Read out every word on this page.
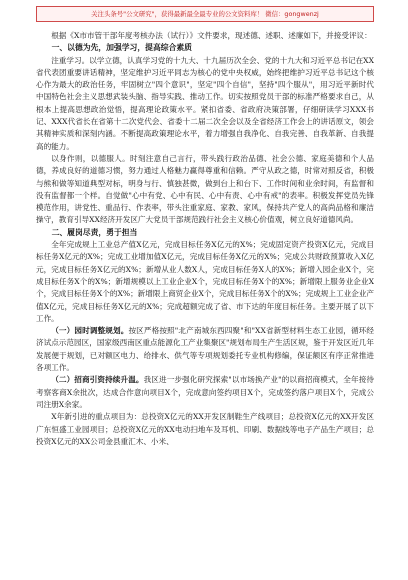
关注头条号"公文研究"，获得最新最全最专业的公文资料库！ 微信：gongwenzj

根据《X市市管干部年度考核办法（试行）》文件要求，现述德、述职、述廉如下，并接受评议：

一、以德为先，加强学习，提高综合素质

注重学习。以学立德，认真学习党的十九大、十九届历次全会、党的十九大和习近平总书记在XX省代表团重要讲话精神，坚定维护习近平同志为核心的党中央权威，始终把维护习近平总书记这个核心作为最大的政治任务，牢固树立"四个意识"，坚定"四个自信"，坚持"四个服从"，用习近平新时代中国特色社会主义思想武装头脑、指导实践、推动工作。切实按照党员干部的标准严格要求自己，从根本上提高思想政治觉悟，提高理论政策水平。紧扣省委、省政府决策部署，仔细研读学习XXX书记、XXX代省长在省第十二次党代会、省委十二届二次全会以及全省经济工作会上的讲话原文，领会其精神实质和深刻内涵。不断提高政策理论水平，着力增强自我净化、自我完善、自我革新、自我提高的能力。

以身作则，以德服人。时刻注意自己言行，带头践行政治品德、社会公德、家庭美德和个人品德，养成良好的道德习惯，努力通过人格魅力赢得尊重和信赖。严守从政之德，时常对照反省，积极与熊和做等知道典型对标，明身与行、慎独甚微，做到台上和台下、工作时间和业余时间，有监督和没有监督都一个样。自觉做"心中有党、心中有民、心中有责、心中有戒"的表率。积极发挥党员先锋模范作用，讲党性、重品行、作表率，带头注重家庭、家教、家风，保持共产党人的高尚品格和廉洁操守，教育引导XX经济开发区广大党员干部规范践行社会主义核心价值观，树立良好道德风尚。

二、履岗尽责，勇于担当

全年完成规上工业总产值X亿元，完成目标任务X亿元的X%；完成固定资产投资X亿元，完成目标任务X亿元的X%；完成工业增加值X亿元，完成目标任务X亿元的X%；完成公共财政预算收入X亿元，完成目标任务X亿元的X%；新增从业人数X人，完成目标任务X人的X%；新增入园企业X个，完成目标任务X个的X%；新增规模以上工业企业X个，完成目标任务X个的X%；新增限上服务业企业X个，完成目标任务X个的X%；新增限上商贸企业X个，完成目标任务X个的X%；完成规上工业企业产值X亿元，完成目标任务X亿元的X%；完成超额完成了省、市下达的年度目标任务。主要开展了以下工作。

（一）园时调整规划。按区严格按照"北产南城东西四聚"和"XX省新型材料生态工业园，循环经济试点示范园区，国家级西南区重点能源化工产业集聚区"规划布局生产生活区规，鉴于开发区近几年发展便于规划，已对额区电力、给排水、供气等专项规划委托专业机构修编，保证额区有序正常推进各项工作。

（二）招商引资持续升温。我区进一步强化研究探索"以市场换产业"的以商招商模式，全年接待考察客商X余批次，达成合作意向项目X个，完成意向签约项目X个，完成签约落户项目X个，完成公司注册X余家。

X年新引进的重点项目为：总投资X亿元的XX开发区制鞋生产线项目；总投资X亿元的XX开发区广东恒盛工业园项目；总投资X亿元的XX电动扫地车及耳机、印刷、数据线等电子产品生产项目；总投资X亿元的XX公司金县重汇木、小米、
